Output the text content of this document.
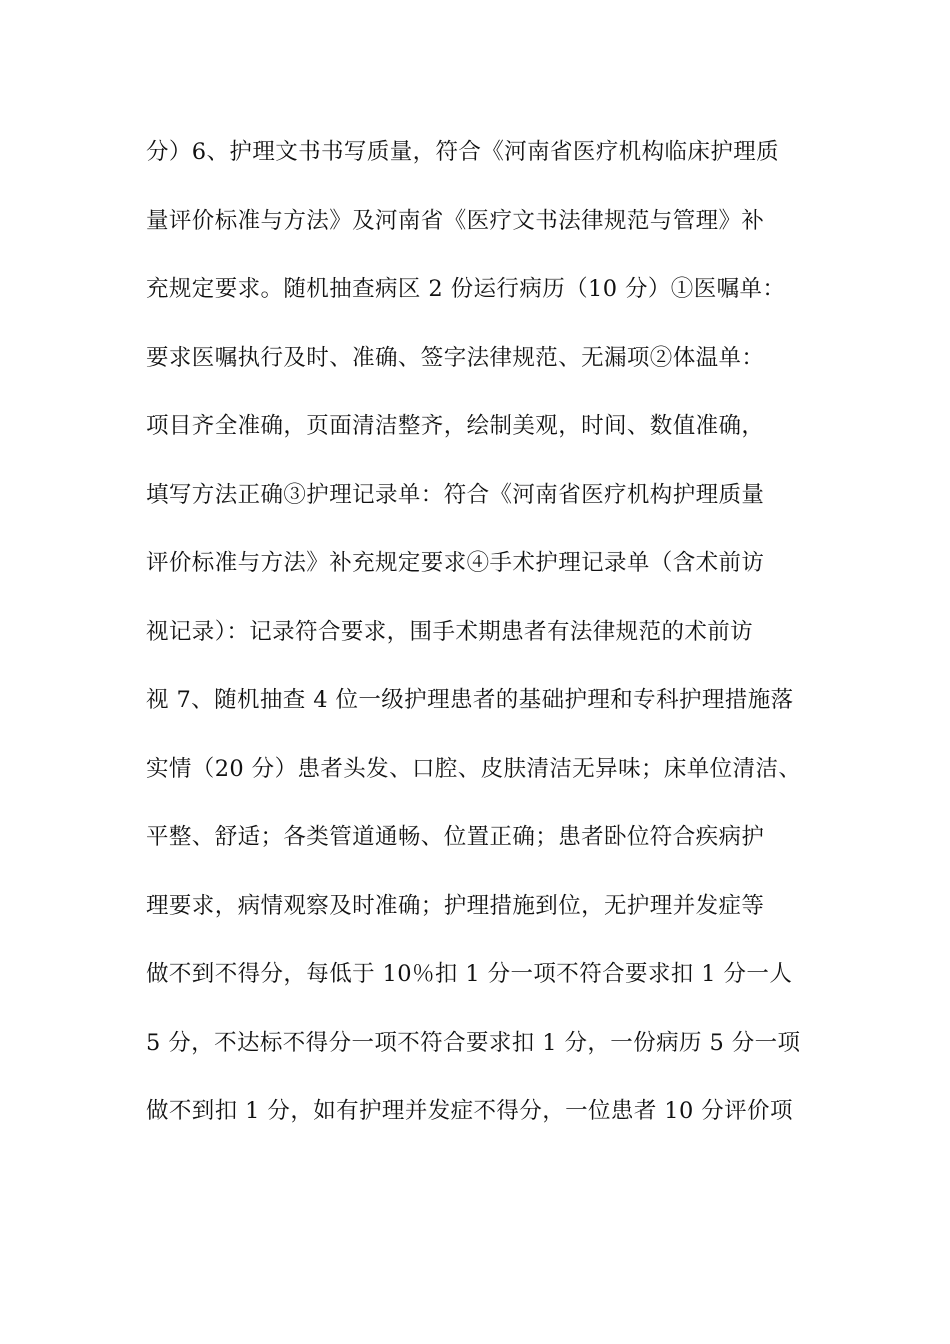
分）6、护理文书书写质量，符合《河南省医疗机构临床护理质
量评价标准与方法》及河南省《医疗文书法律规范与管理》补
充规定要求。随机抽查病区 2 份运行病历（10 分）①医嘱单：
要求医嘱执行及时、准确、签字法律规范、无漏项②体温单：
项目齐全准确，页面清洁整齐，绘制美观，时间、数值准确，
填写方法正确③护理记录单：符合《河南省医疗机构护理质量
评价标准与方法》补充规定要求④手术护理记录单（含术前访
视记录）：记录符合要求，围手术期患者有法律规范的术前访
视 7、随机抽查 4 位一级护理患者的基础护理和专科护理措施落
实情（20 分）患者头发、口腔、皮肤清洁无异味；床单位清洁、
平整、舒适；各类管道通畅、位置正确；患者卧位符合疾病护
理要求，病情观察及时准确；护理措施到位，无护理并发症等
做不到不得分，每低于 10％扣 1 分一项不符合要求扣 1 分一人
5 分，不达标不得分一项不符合要求扣 1 分，一份病历 5 分一项
做不到扣 1 分，如有护理并发症不得分，一位患者 10 分评价项
